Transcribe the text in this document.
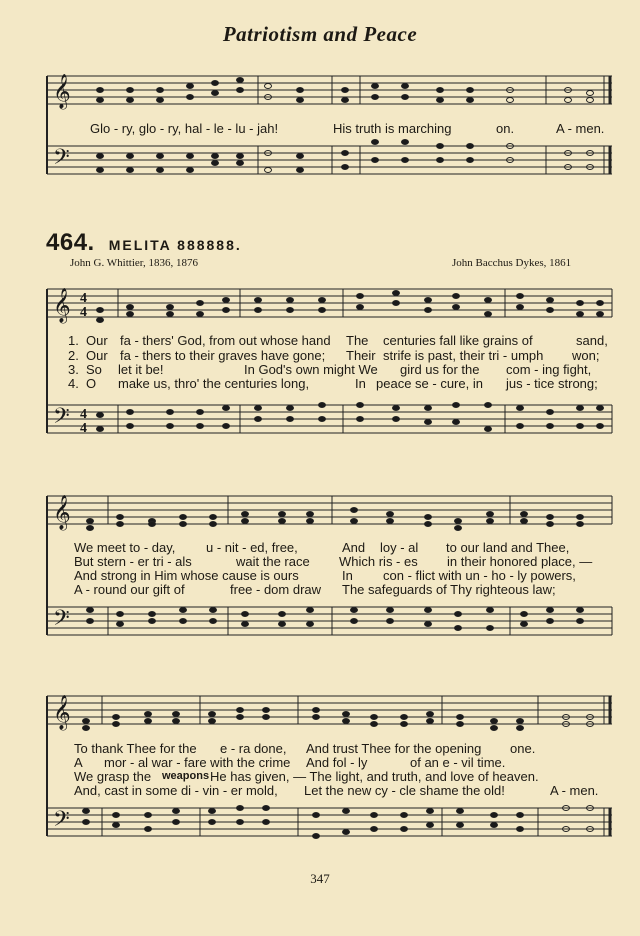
Patriotism and Peace
𝄞
𝄢
Glo - ry, glo - ry, hal - le - lu - jah!	His truth is marching	on.	A - men.
464. MELITA 888888.
John G. Whittier, 1836, 1876	John Bacchus Dykes, 1861
𝄞
𝄢
4
4
4
4
1. Our fa - thers' God, from out whose hand The centuries fall like grains of	sand,
2. Our fa - thers to their graves have gone; Their strife is past, their tri - umph won;
3. So let it be!	In God's own might We gird us for the com - ing fight,
4. O make us, thro' the centuries long,	In peace se - cure, in jus - tice strong;
𝄞
𝄢
We meet to - day, u - nit - ed, free,	And loy - al to our land and Thee,
But stern - er tri - als	wait the race Which ris - es in their honored place, —
And strong in Him whose cause is ours	In con - flict with un - ho - ly powers,
A - round our gift of	free - dom draw The safeguards of Thy righteous law;
𝄞
𝄢
To thank Thee for the e - ra done, And trust Thee for the opening one.
A mor - al war - fare with the crime And fol - ly	of an e - vil time.
We grasp the weapons He has given, — The light, and truth, and love of heaven.
And, cast in some di - vin - er mold, Let the new cy - cle shame the old!	A - men.
347
